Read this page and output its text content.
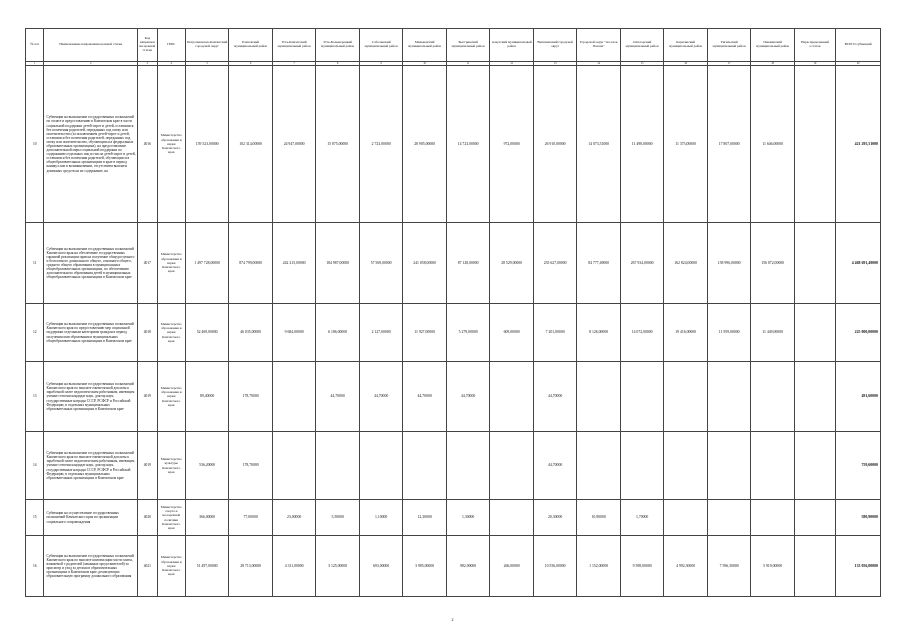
№ п/п	Наименование направления целевой статьи	Код направления целевой статьи	ГРБС	Петропавловск-Камчатский городской округ	Елизовский муниципальный район	Усть-Камчатский муниципальный район	Усть-Большерецкий муниципальный район	Соболевский муниципальный район	Мильковский муниципальный район	Быстринский муниципальный район	Алеутский муниципальный район	Вилючинский городской округ	Городской округ "поселок Палана"	Олюторский муниципальный район	Карагинский муниципальный район	Тигильский муниципальный район	Пенжинский муниципальный район	Нераспределенный остаток	ВСЕГО субвенций
1	2	3	4	5	6	7	8	9	10	11	12	13	14	15	16	17	18	19	20
10	Субвенции на выполнение государственных полномочий по оплате и предоставлению в Камчатском крае в части социальной поддержки детей-сирот и детей, оставшихся без попечения родителей, переданных под опеку или попечительство (за исключением детей-сирот и детей, оставшихся без попечения родителей, переданных под опеку или попечительство, обучающихся в федеральных образовательных организациях), на предоставление дополнительной меры социальной поддержки по содержанию отдельных лиц из числа детей-сирот и детей, оставшихся без попечения родителей, обучающихся в общеобразовательных организациях в крае в период каникул или в возникновении, отсутствием выплаты денежных средств на их содержание, на	4016	Министерство образования и науки Камчатского края	159 523,00000	102 314,00000	24 947,00000	15 875,00000	2 723,00000	28 905,00000	14 723,00000	972,00000	26 910,00000	14 073,51000	11 498,00000	11 373,00000	17 807,00000	11 646,00000		421 295,51000
11	Субвенции на выполнение государственных полномочий Камчатского края на обеспечение государственных гарантий реализации прав на получение общедоступного и бесплатного дошкольного общего, основного общего, среднего общего образования в муниципальных общеобразовательных организациях, по обеспечению дополнительного образования детей в муниципальных общеобразовательных организациях в Камчатском крае	4017	Министерство образования и науки Камчатского края	1 497 728,00000	874 799,00000	242 215,00000	184 987,00000	57 569,00000	241 058,00000	87 128,00000	28 529,00000	235 627,00000	84 777,49000	267 934,00000	162 824,00000	158 996,00000	156 072,00000		4 468 691,49000
12	Субвенции на выполнение государственных полномочий Камчатского края по предоставлению мер социальной поддержки отдельным категориям граждан в период получения ими образования в муниципальных общеобразовательных организациях в Камчатском крае	4018	Министерство образования и науки Камчатского края	52 469,00000	46 035,00000	9 684,00000	6 186,00000	2 127,00000	11 927,00000	5 279,00000	609,00000	7 201,00000	8 126,00000	14 072,00000	19 416,00000	11 959,00000	11 449,00000		225 000,00000
13	Субвенции на выполнение государственных полномочий Камчатского края по выплате ежемесячной доплаты к заработной плате педагогическим работникам, имеющим ученые степени кандидат наук, доктор наук, государственные награды СССР, РСФСР и Российской Федерации, в отдельных муниципальных образовательных организациях в Камчатском крае	4019	Министерство образования и науки Камчатского края	89,40000	178,70000		44,70000	44,70000	44,70000	44,70000		44,70000							491,60000
14	Субвенции на выполнение государственных полномочий Камчатского края по выплате ежемесячной доплаты к заработной плате педагогическим работникам, имеющим ученые степени кандидат наук, доктор наук, государственные награды СССР, РСФСР и Российской Федерации, в отдельных муниципальных образовательных организациях в Камчатском крае	4019	Министерство культуры Камчатского края	536,20000	178,70000							44,70000							759,60000
15	Субвенции на осуществление государственных полномочий Камчатского края по организации социального сопровождения	4020	Министерство спорта и молодежной политики Камчатского края	366,00000	77,00000	23,00000	5,50000	1,10000	12,30000	1,30000		20,30000	10,90000	1,70000					580,90000
16	Субвенции на выполнение государственных полномочий Камчатского края по выплате компенсации части платы, взимаемой с родителей (законных представителей) за присмотр и уход за детьми в образовательных организациях в Камчатском крае, реализующих образовательную программу дошкольного образования	4021	Министерство образования и науки Камчатского края	51 497,00000	28 713,00000	4 311,00000	3 125,00000	693,00000	3 985,00000	982,00000	266,00000	10 556,00000	1 152,00000	9 598,00000	4 992,30000	7 596,30000	5 919,00000		133 056,00000
2
